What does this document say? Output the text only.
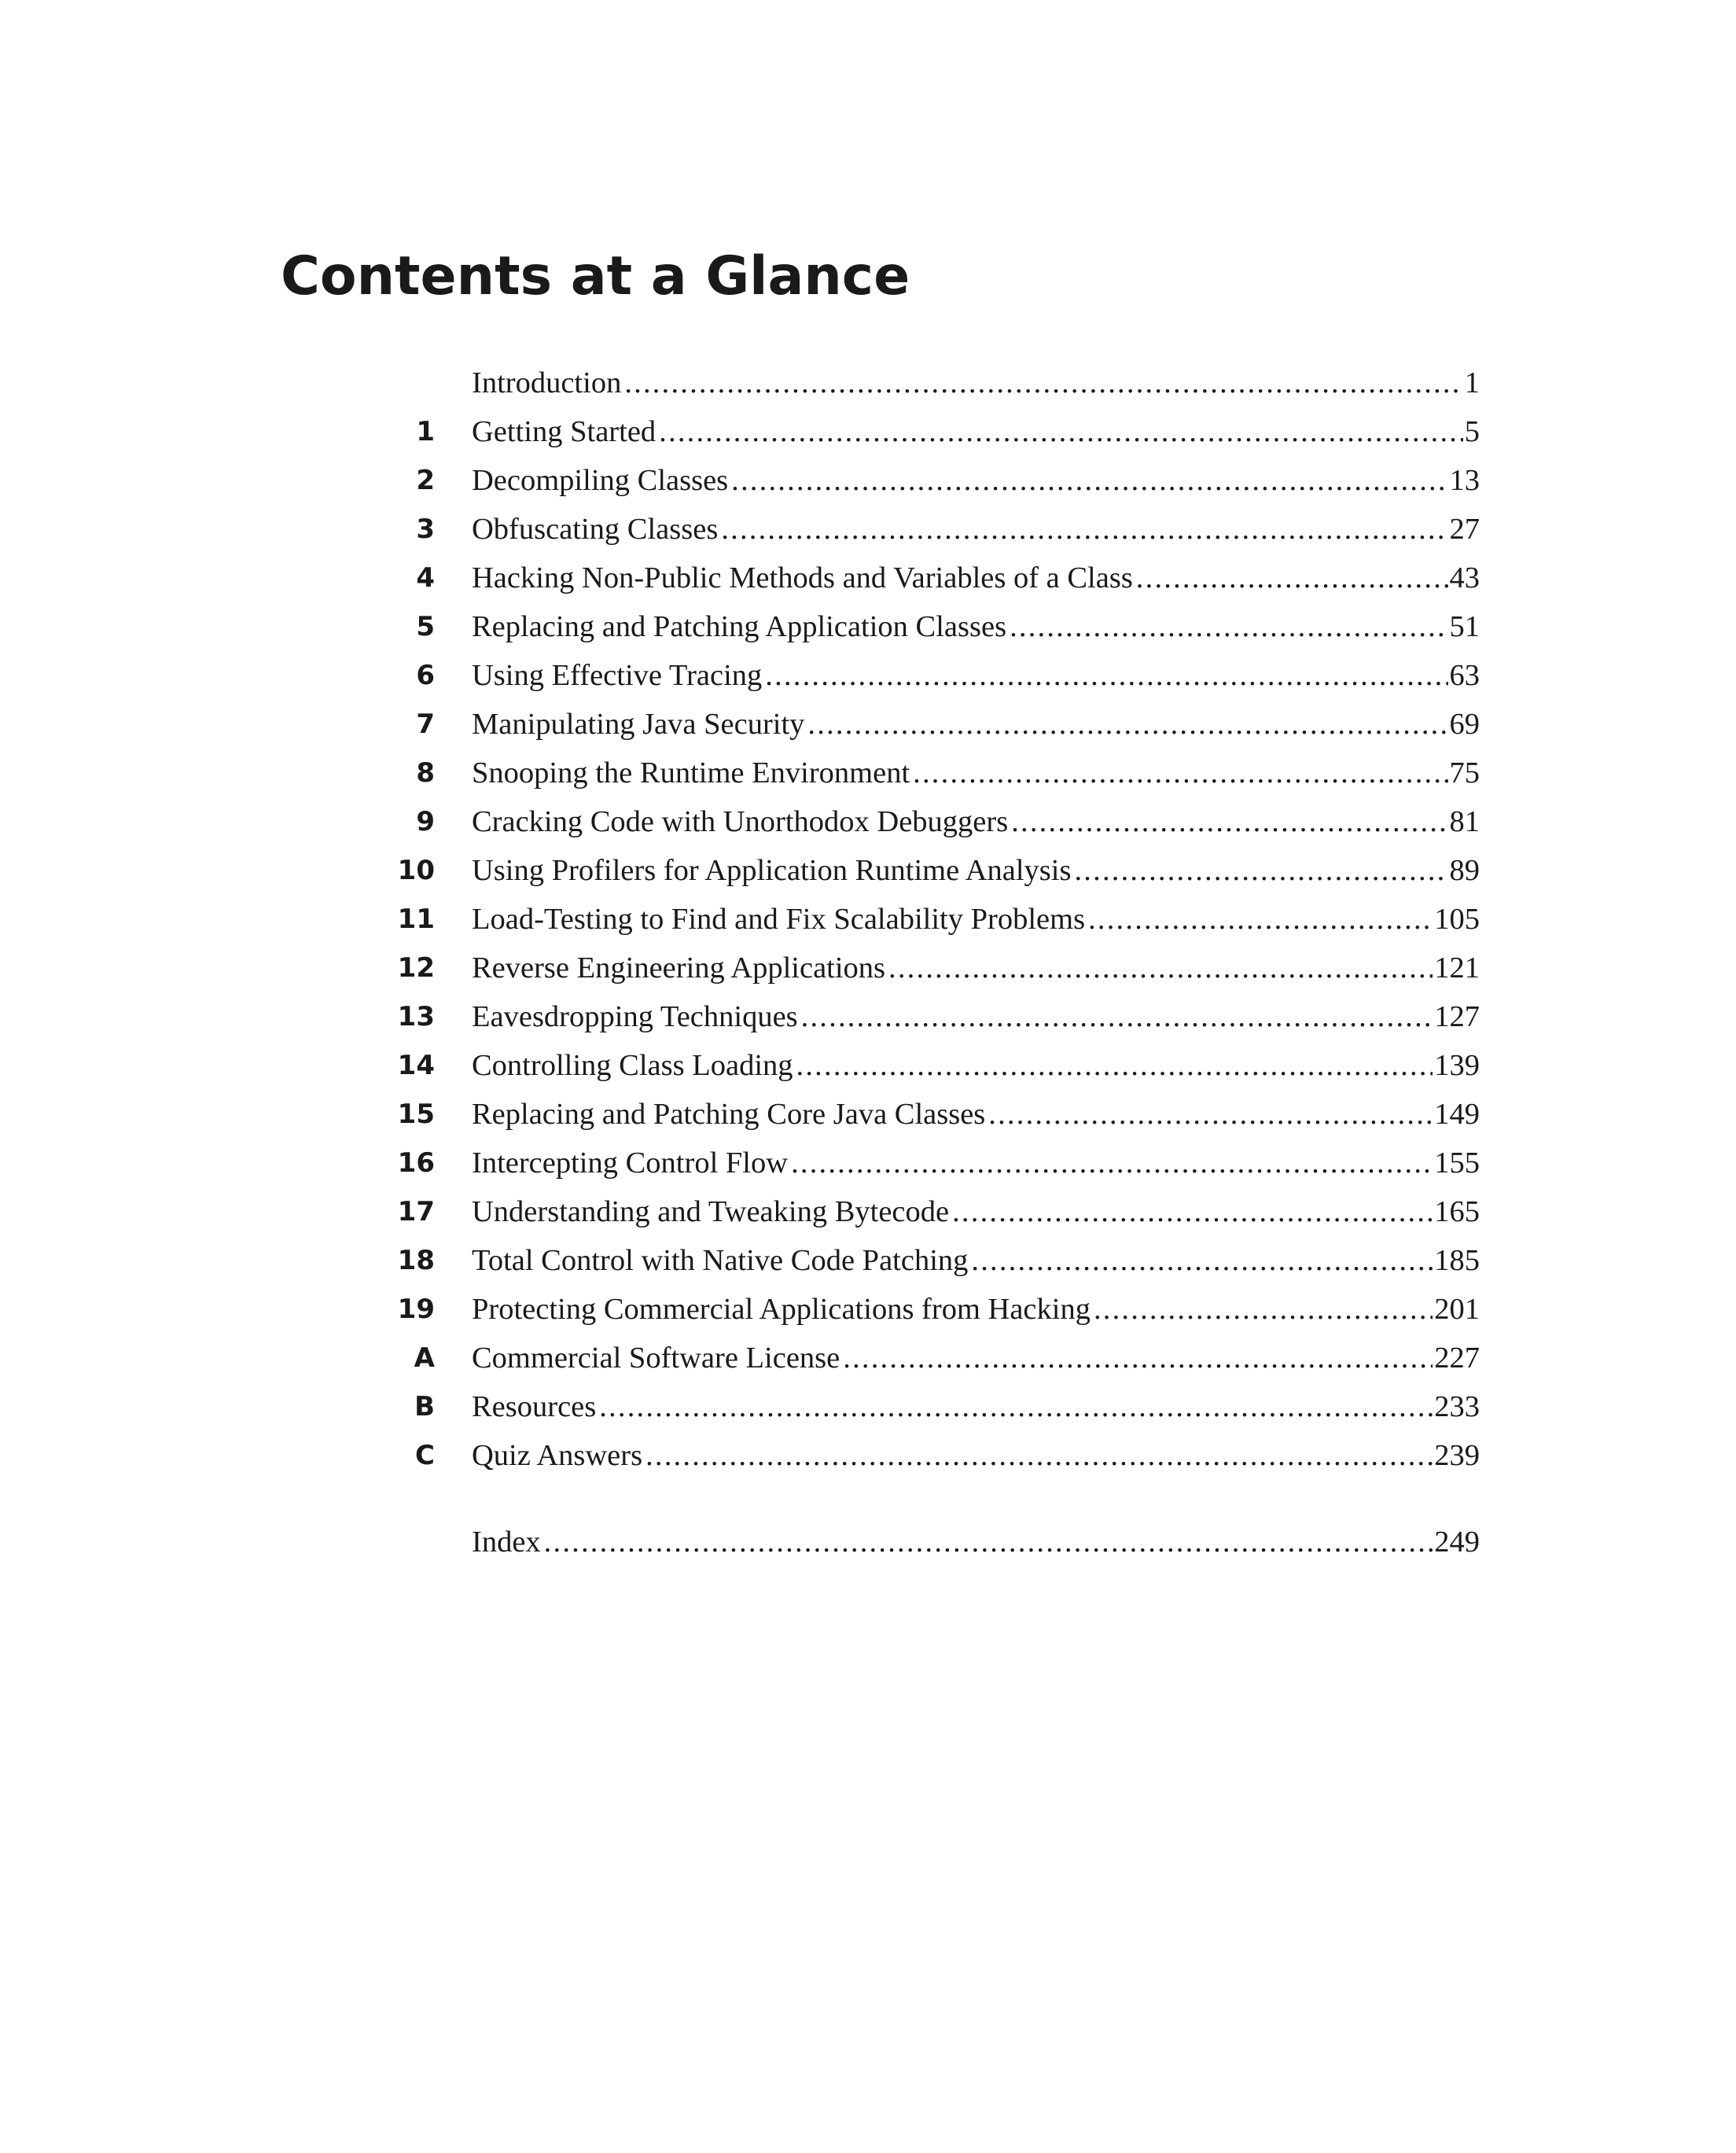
Contents at a Glance
Introduction .....	1
1 Getting Started .....	5
2 Decompiling Classes .....	13
3 Obfuscating Classes .....	27
4 Hacking Non-Public Methods and Variables of a Class .....	43
5 Replacing and Patching Application Classes .....	51
6 Using Effective Tracing .....	63
7 Manipulating Java Security .....	69
8 Snooping the Runtime Environment .....	75
9 Cracking Code with Unorthodox Debuggers .....	81
10 Using Profilers for Application Runtime Analysis .....	89
11 Load-Testing to Find and Fix Scalability Problems .....	105
12 Reverse Engineering Applications .....	121
13 Eavesdropping Techniques .....	127
14 Controlling Class Loading .....	139
15 Replacing and Patching Core Java Classes .....	149
16 Intercepting Control Flow .....	155
17 Understanding and Tweaking Bytecode .....	165
18 Total Control with Native Code Patching .....	185
19 Protecting Commercial Applications from Hacking .....	201
A Commercial Software License .....	227
B Resources .....	233
C Quiz Answers .....	239
Index .....	249
